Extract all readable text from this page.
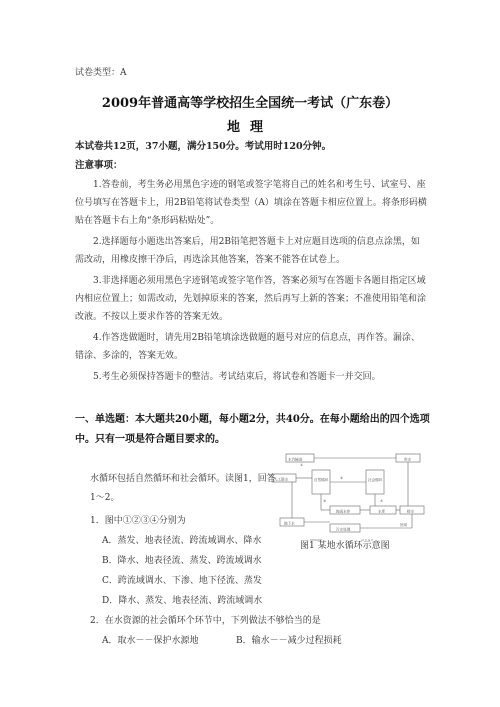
试卷类型：A
2009年普通高等学校招生全国统一考试（广东卷）
地理
本试卷共12页，37小题，满分150分。考试用时120分钟。
注意事项：

1.答卷前，考生务必用黑色字迹的钢笔或签字笔将自己的姓名和考生号、试室号、座位号填写在答题卡上，用2B铅笔将试卷类型（A）填涂在答题卡相应位置上。将条形码横贴在答题卡右上角“条形码粘贴处”。

2.选择题每小题选出答案后，用2B铅笔把答题卡上对应题目选项的信息点涂黑，如需改动，用橡皮擦干净后，再选涂其他答案，答案不能答在试卷上。

3.非选择题必须用黑色字迹钢笔或签字笔作答，答案必须写在答题卡各题目指定区域内相应位置上；如需改动，先划掉原来的答案，然后再写上新的答案；不准使用铅笔和涂改液。不按以上要求作答的答案无效。

4.作答选做题时，请先用2B铅笔填涂选做题的题号对应的信息点，再作答。漏涂、错涂、多涂的，答案无效。

5.考生必须保持答题卡的整洁。考试结束后，将试卷和答题卡一并交回。

一、单选题：本大题共20小题，每小题2分，共40分。在每小题给出的四个选项中。只有一项是符合题目要求的。
水循环包括自然循环和社会循环。读图1，回答1～2。
1．图中①②③④分别为
A．蒸发、地表径流、跨流域调水、降水
B．降水、地表径流、蒸发、跨流域调水
C．跨流域调水、下渗、地下径流、蒸发
D．降水、蒸发、地表径流、跨流域调水
2．在水资源的社会循环个环节中，下列做法不够恰当的是
A．取水－－保护水源地	B．输水－－减少过程损耗
水汽输送
人工降水	自然循环	社会循环
用水
地表水体	水库	排水
地下水
污水处理
回用
①
②
③	④
图1 某地水循环示意图
